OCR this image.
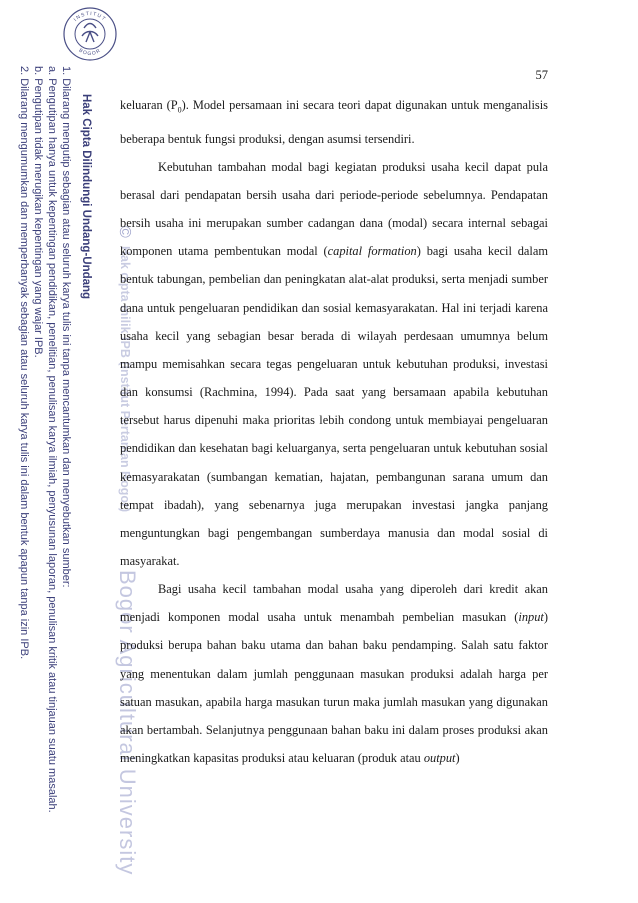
INSTITUT
BOGOR
Hak Cipta Dilindungi Undang-Undang
1. Dilarang mengutip sebagian atau seluruh karya tulis ini tanpa mencantumkan dan menyebutkan sumber:
a. Pengutipan hanya untuk kepentingan pendidikan, penelitian, penulisan karya ilmiah, penyusunan laporan, penulisan kritik atau tinjauan suatu masalah.
b. Pengutipan tidak merugikan kepentingan yang wajar IPB.
2. Dilarang mengumumkan dan memperbanyak sebagian atau seluruh karya tulis ini dalam bentuk apapun tanpa izin IPB.	©
Hak cipta milik IPB (Institut Pertanian Bogor)
Bogor Agricultural University
57

keluaran $(P_0)$. Model persamaan ini secara teori dapat digunakan untuk menganalisis beberapa bentuk fungsi produksi, dengan asumsi tersendiri.

Kebutuhan tambahan modal bagi kegiatan produksi usaha kecil dapat pula berasal dari pendapatan bersih usaha dari periode-periode sebelumnya. Pendapatan bersih usaha ini merupakan sumber cadangan dana (modal) secara internal sebagai komponen utama pembentukan modal (capital formation) bagi usaha kecil dalam bentuk tabungan, pembelian dan peningkatan alat-alat produksi, serta menjadi sumber dana untuk pengeluaran pendidikan dan sosial kemasyarakatan. Hal ini terjadi karena usaha kecil yang sebagian besar berada di wilayah perdesaan umumnya belum mampu memisahkan secara tegas pengeluaran untuk kebutuhan produksi, investasi dan konsumsi (Rachmina, 1994). Pada saat yang bersamaan apabila kebutuhan tersebut harus dipenuhi maka prioritas lebih condong untuk membiayai pengeluaran pendidikan dan kesehatan bagi keluarganya, serta pengeluaran untuk kebutuhan sosial kemasyarakatan (sumbangan kematian, hajatan, pembangunan sarana umum dan tempat ibadah), yang sebenarnya juga merupakan investasi jangka panjang menguntungkan bagi pengembangan sumberdaya manusia dan modal sosial di masyarakat.

Bagi usaha kecil tambahan modal usaha yang diperoleh dari kredit akan menjadi komponen modal usaha untuk menambah pembelian masukan (input) produksi berupa bahan baku utama dan bahan baku pendamping. Salah satu faktor yang menentukan dalam jumlah penggunaan masukan produksi adalah harga per satuan masukan, apabila harga masukan turun maka jumlah masukan yang digunakan akan bertambah. Selanjutnya penggunaan bahan baku ini dalam proses produksi akan meningkatkan kapasitas produksi atau keluaran (produk atau output)
